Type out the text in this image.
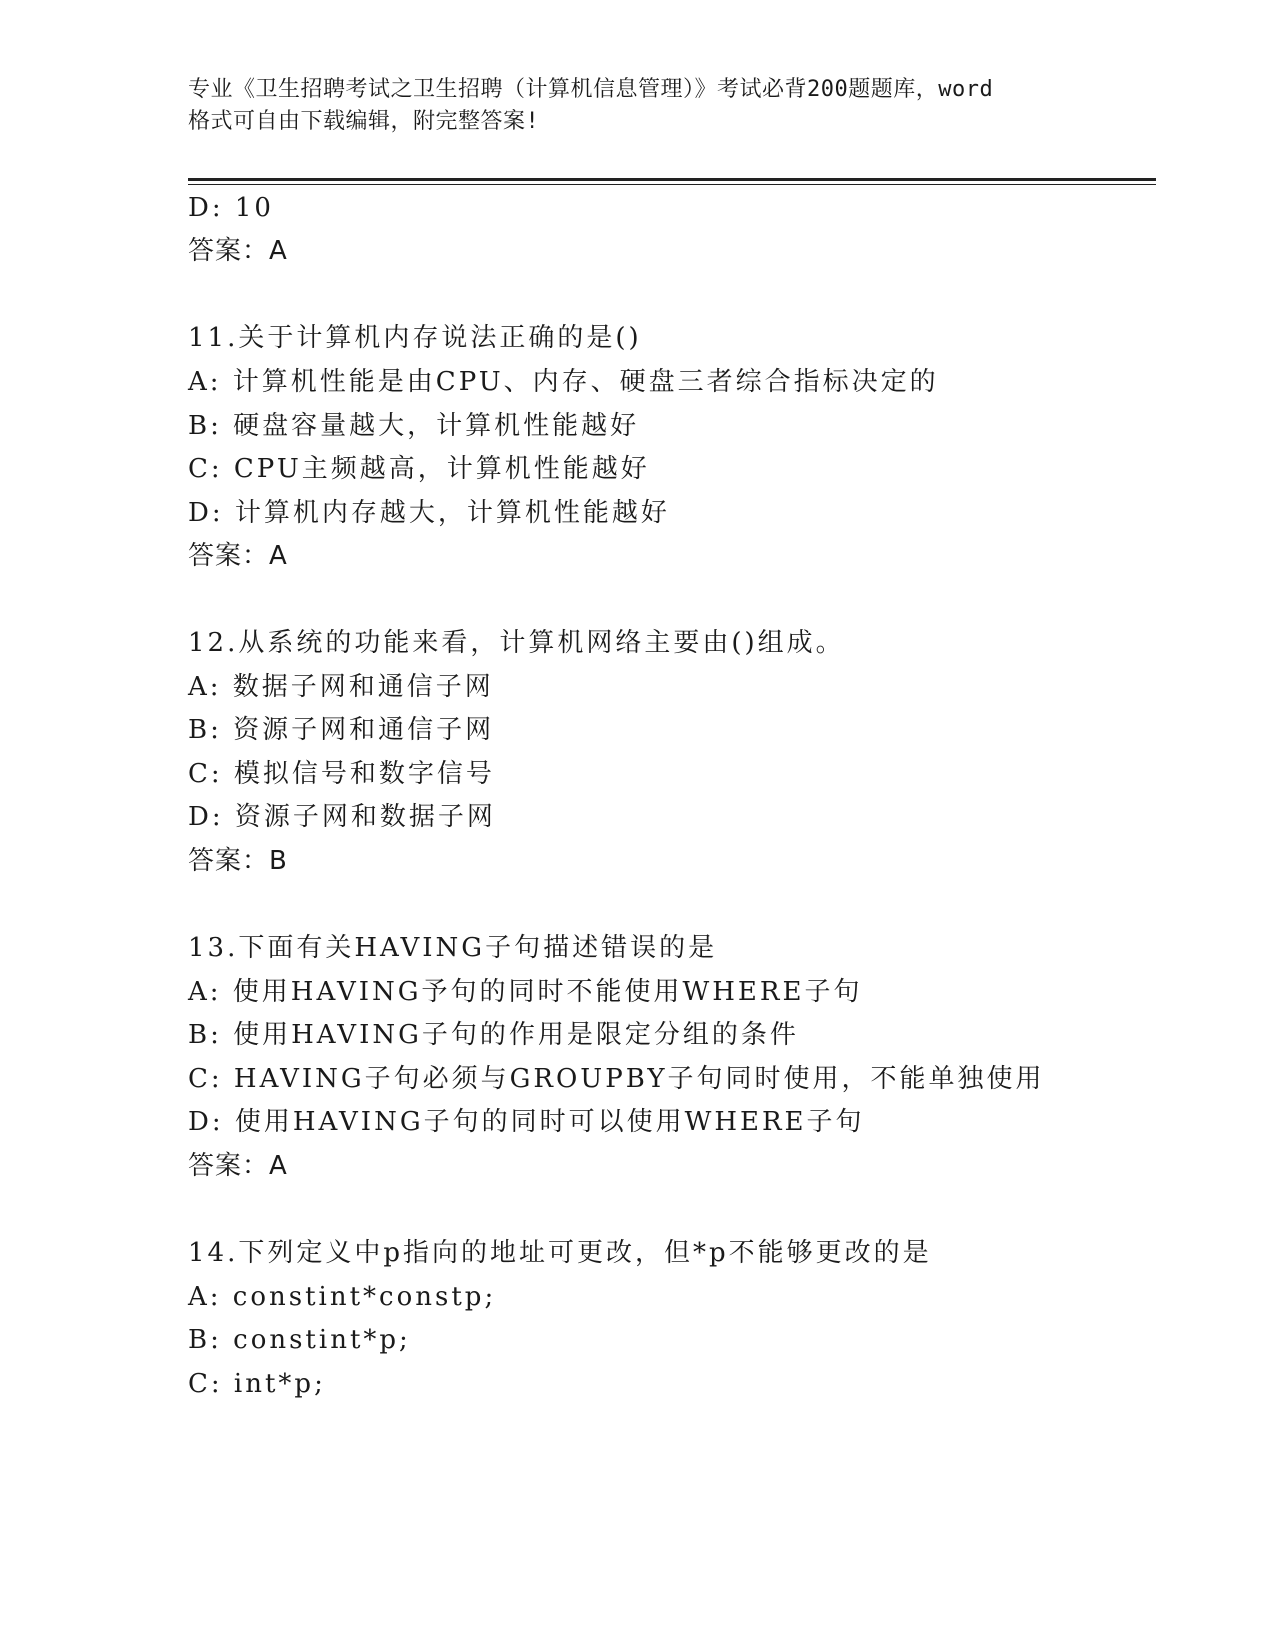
专业《卫生招聘考试之卫生招聘（计算机信息管理）》考试必背200题题库，word
格式可自由下载编辑，附完整答案!
D: 10
答案：A
11.关于计算机内存说法正确的是()
A: 计算机性能是由CPU、内存、硬盘三者综合指标决定的
B: 硬盘容量越大，计算机性能越好
C: CPU主频越高，计算机性能越好
D: 计算机内存越大，计算机性能越好
答案：A
12.从系统的功能来看，计算机网络主要由()组成。
A: 数据子网和通信子网
B: 资源子网和通信子网
C: 模拟信号和数字信号
D: 资源子网和数据子网
答案：B
13.下面有关HAVING子句描述错误的是
A: 使用HAVING予句的同时不能使用WHERE子句
B: 使用HAVING子句的作用是限定分组的条件
C: HAVING子句必须与GROUPBY子句同时使用，不能单独使用
D: 使用HAVING子句的同时可以使用WHERE子句
答案：A
14.下列定义中p指向的地址可更改，但*p不能够更改的是
A: constint*constp;
B: constint*p;
C: int*p;
